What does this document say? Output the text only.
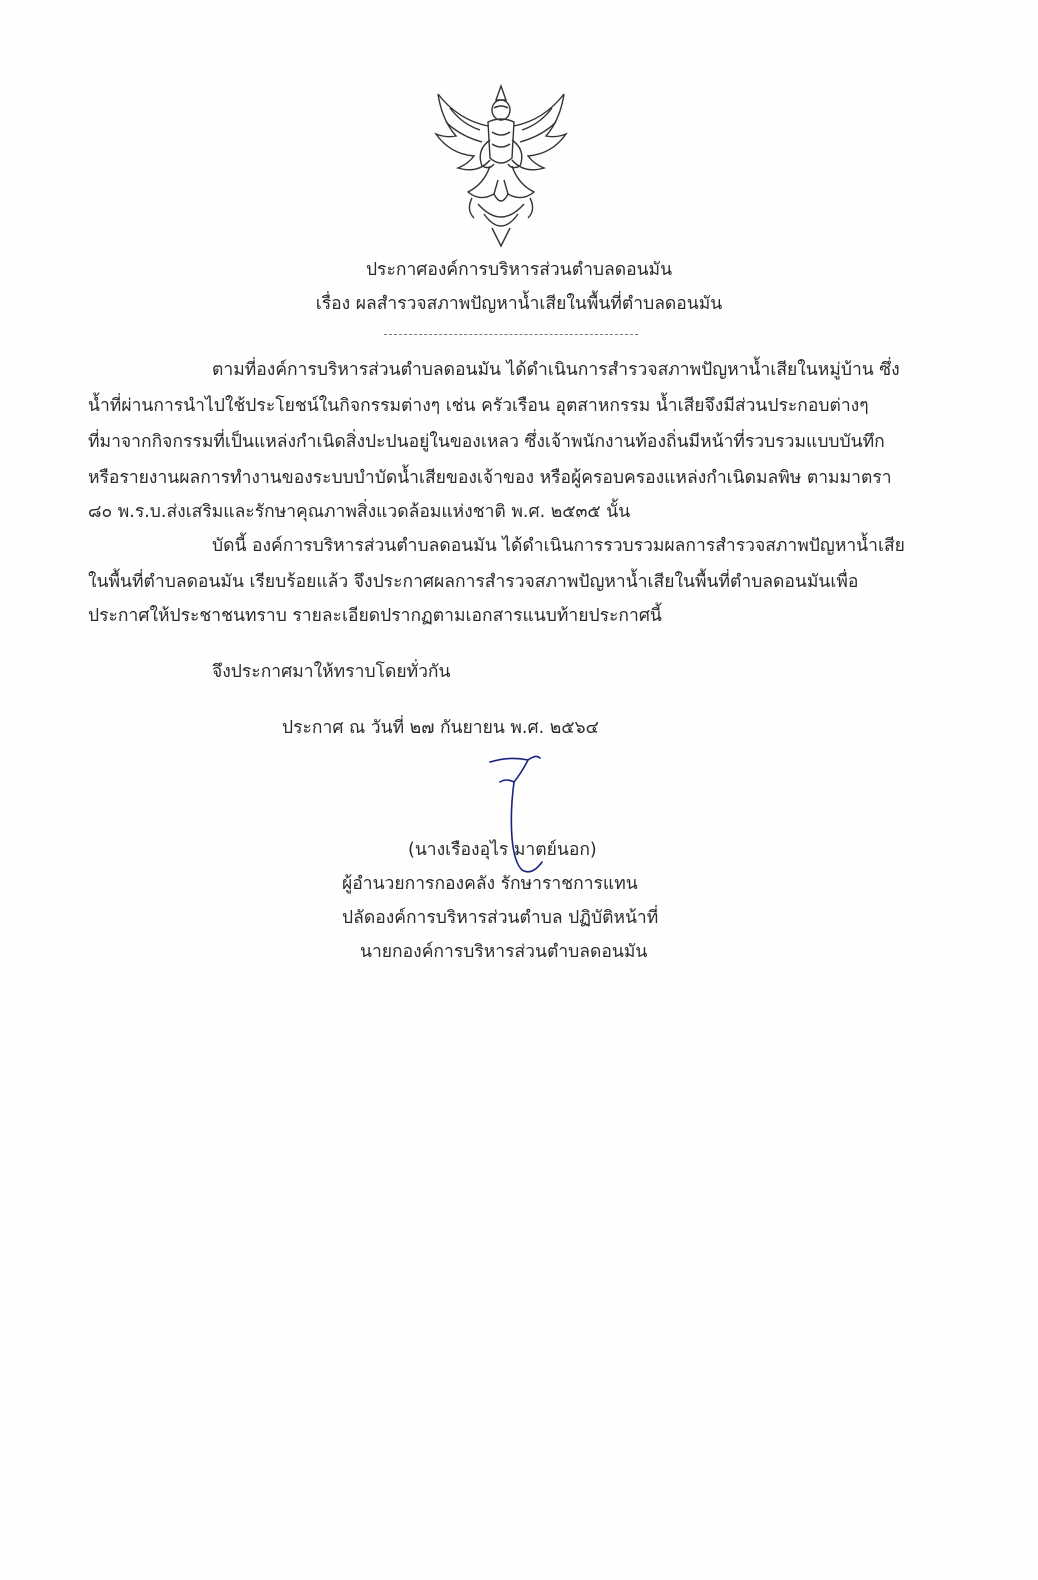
ประกาศองค์การบริหารส่วนตำบลดอนมัน
เรื่อง ผลสำรวจสภาพปัญหาน้ำเสียในพื้นที่ตำบลดอนมัน
ตามที่องค์การบริหารส่วนตำบลดอนมัน ได้ดำเนินการสำรวจสภาพปัญหาน้ำเสียในหมู่บ้าน ซึ่ง
น้ำที่ผ่านการนำไปใช้ประโยชน์ในกิจกรรมต่างๆ เช่น ครัวเรือน อุตสาหกรรม น้ำเสียจึงมีส่วนประกอบต่างๆ
ที่มาจากกิจกรรมที่เป็นแหล่งกำเนิดสิ่งปะปนอยู่ในของเหลว ซึ่งเจ้าพนักงานท้องถิ่นมีหน้าที่รวบรวมแบบบันทึก
หรือรายงานผลการทำงานของระบบบำบัดน้ำเสียของเจ้าของ หรือผู้ครอบครองแหล่งกำเนิดมลพิษ ตามมาตรา
๘๐ พ.ร.บ.ส่งเสริมและรักษาคุณภาพสิ่งแวดล้อมแห่งชาติ พ.ศ. ๒๕๓๕ นั้น
บัดนี้ องค์การบริหารส่วนตำบลดอนมัน ได้ดำเนินการรวบรวมผลการสำรวจสภาพปัญหาน้ำเสีย
ในพื้นที่ตำบลดอนมัน เรียบร้อยแล้ว จึงประกาศผลการสำรวจสภาพปัญหาน้ำเสียในพื้นที่ตำบลดอนมันเพื่อ
ประกาศให้ประชาชนทราบ รายละเอียดปรากฏตามเอกสารแนบท้ายประกาศนี้
จึงประกาศมาให้ทราบโดยทั่วกัน
ประกาศ ณ วันที่ ๒๗ กันยายน พ.ศ. ๒๕๖๔
(นางเรืองอุไร มาตย์นอก)
ผู้อำนวยการกองคลัง รักษาราชการแทน
ปลัดองค์การบริหารส่วนตำบล ปฏิบัติหน้าที่
นายกองค์การบริหารส่วนตำบลดอนมัน
